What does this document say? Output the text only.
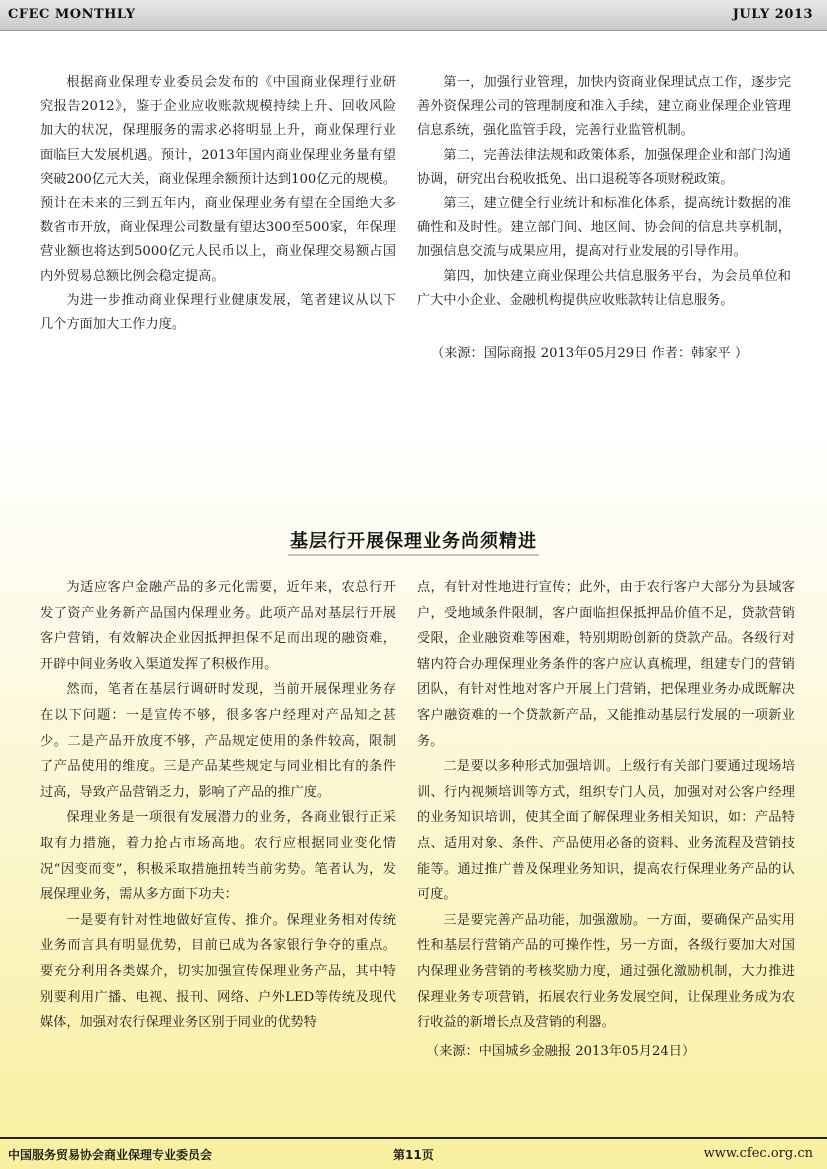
CFEC MONTHLY	JULY 2013

根据商业保理专业委员会发布的《中国商业保理行业研究报告2012》，鉴于企业应收账款规模持续上升、回收风险加大的状况，保理服务的需求必将明显上升，商业保理行业面临巨大发展机遇。预计，2013年国内商业保理业务量有望突破200亿元大关，商业保理余额预计达到100亿元的规模。预计在未来的三到五年内，商业保理业务有望在全国绝大多数省市开放，商业保理公司数量有望达300至500家，年保理营业额也将达到5000亿元人民币以上，商业保理交易额占国内外贸易总额比例会稳定提高。

为进一步推动商业保理行业健康发展，笔者建议从以下几个方面加大工作力度。

第一，加强行业管理，加快内资商业保理试点工作，逐步完善外资保理公司的管理制度和准入手续，建立商业保理企业管理信息系统，强化监管手段，完善行业监管机制。

第二，完善法律法规和政策体系，加强保理企业和部门沟通协调，研究出台税收抵免、出口退税等各项财税政策。

第三，建立健全行业统计和标准化体系，提高统计数据的准确性和及时性。建立部门间、地区间、协会间的信息共享机制，加强信息交流与成果应用，提高对行业发展的引导作用。

第四，加快建立商业保理公共信息服务平台，为会员单位和广大中小企业、金融机构提供应收账款转让信息服务。

（来源：国际商报 2013年05月29日 作者：韩家平 ）
基层行开展保理业务尚须精进

为适应客户金融产品的多元化需要，近年来，农总行开发了资产业务新产品国内保理业务。此项产品对基层行开展客户营销，有效解决企业因抵押担保不足而出现的融资难，开辟中间业务收入渠道发挥了积极作用。

然而，笔者在基层行调研时发现，当前开展保理业务存在以下问题：一是宣传不够，很多客户经理对产品知之甚少。二是产品开放度不够，产品规定使用的条件较高，限制了产品使用的维度。三是产品某些规定与同业相比有的条件过高，导致产品营销乏力，影响了产品的推广度。

保理业务是一项很有发展潜力的业务，各商业银行正采取有力措施，着力抢占市场高地。农行应根据同业变化情况“因变而变”，积极采取措施扭转当前劣势。笔者认为，发展保理业务，需从多方面下功夫：

一是要有针对性地做好宣传、推介。保理业务相对传统业务而言具有明显优势，目前已成为各家银行争夺的重点。要充分利用各类媒介，切实加强宣传保理业务产品，其中特别要利用广播、电视、报刊、网络、户外LED等传统及现代媒体，加强对农行保理业务区别于同业的优势特

点，有针对性地进行宣传；此外，由于农行客户大部分为县域客户，受地域条件限制，客户面临担保抵押品价值不足，贷款营销受限，企业融资难等困难，特别期盼创新的贷款产品。各级行对辖内符合办理保理业务条件的客户应认真梳理，组建专门的营销团队，有针对性地对客户开展上门营销，把保理业务办成既解决客户融资难的一个贷款新产品，又能推动基层行发展的一项新业务。

二是要以多种形式加强培训。上级行有关部门要通过现场培训、行内视频培训等方式，组织专门人员，加强对对公客户经理的业务知识培训，使其全面了解保理业务相关知识，如：产品特点、适用对象、条件、产品使用必备的资料、业务流程及营销技能等。通过推广普及保理业务知识，提高农行保理业务产品的认可度。

三是要完善产品功能，加强激励。一方面，要确保产品实用性和基层行营销产品的可操作性，另一方面，各级行要加大对国内保理业务营销的考核奖励力度，通过强化激励机制，大力推进保理业务专项营销，拓展农行业务发展空间，让保理业务成为农行收益的新增长点及营销的利器。

（来源：中国城乡金融报 2013年05月24日）
中国服务贸易协会商业保理专业委员会	第11页	www.cfec.org.cn
